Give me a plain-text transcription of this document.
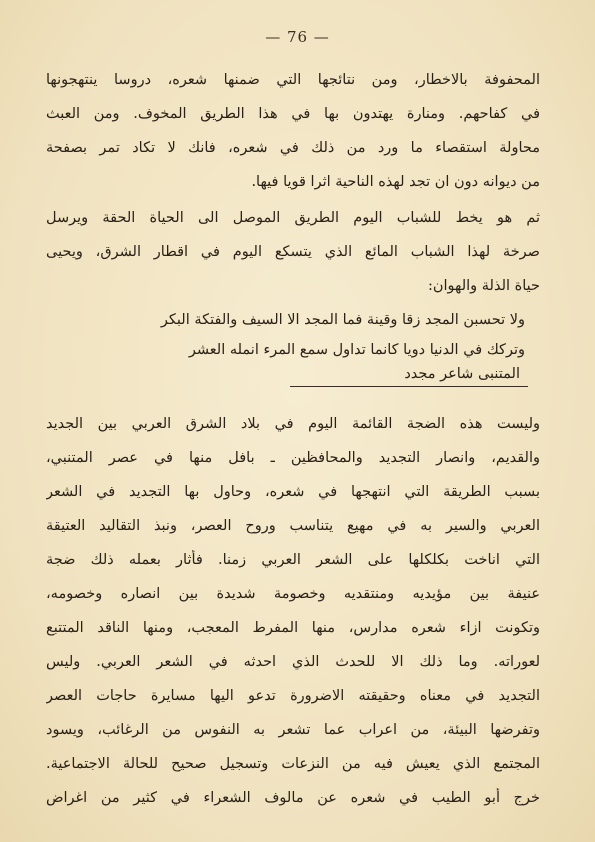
— 76 —
المحفوفة بالاخطار، ومن نتائجها التي ضمنها شعره، دروسا ينتهجونها
في كفاحهم. ومنارة يهتدون بها في هذا الطريق المخوف. ومن العبث
محاولة استقصاء ما ورد من ذلك في شعره، فانك لا تكاد تمر بصفحة
من ديوانه دون ان تجد لهذه الناحية اثرا قويا فيها.
ثم هو يخط للشباب اليوم الطريق الموصل الى الحياة الحقة ويرسل
صرخة لهذا الشباب المائع الذي يتسكع اليوم في اقطار الشرق، ويحيى
حياة الذلة والهوان:
ولا تحسبن المجد زقا وقينة فما المجد الا السيف والفتكة البكر
وتركك في الدنيا دويا كانما تداول سمع المرء انمله العشر
المتنبى شاعر مجدد
وليست هذه الضجة القائمة اليوم في بلاد الشرق العربي بين الجديد
والقديم، وانصار التجديد والمحافظين ـ بافل منها في عصر المتنبي،
بسبب الطريقة التي انتهجها في شعره، وحاول بها التجديد في الشعر
العربي والسير به في مهيع يتناسب وروح العصر، ونبذ التقاليد العتيقة
التي اناخت بكلكلها على الشعر العربي زمنا. فأثار بعمله ذلك ضجة
عنيفة بين مؤيديه ومنتقديه وخصومة شديدة بين انصاره وخصومه،
وتكونت ازاء شعره مدارس، منها المفرط المعجب، ومنها الناقد المتتبع
لعوراته. وما ذلك الا للحدث الذي احدثه في الشعر العربي. وليس
التجديد في معناه وحقيقته الاضرورة تدعو اليها مسايرة حاجات العصر
وتفرضها البيئة، من اعراب عما تشعر به النفوس من الرغائب، ويسود
المجتمع الذي يعيش فيه من النزعات وتسجيل صحيح للحالة الاجتماعية.
خرج أبو الطيب في شعره عن مالوف الشعراء في كثير من اغراض
